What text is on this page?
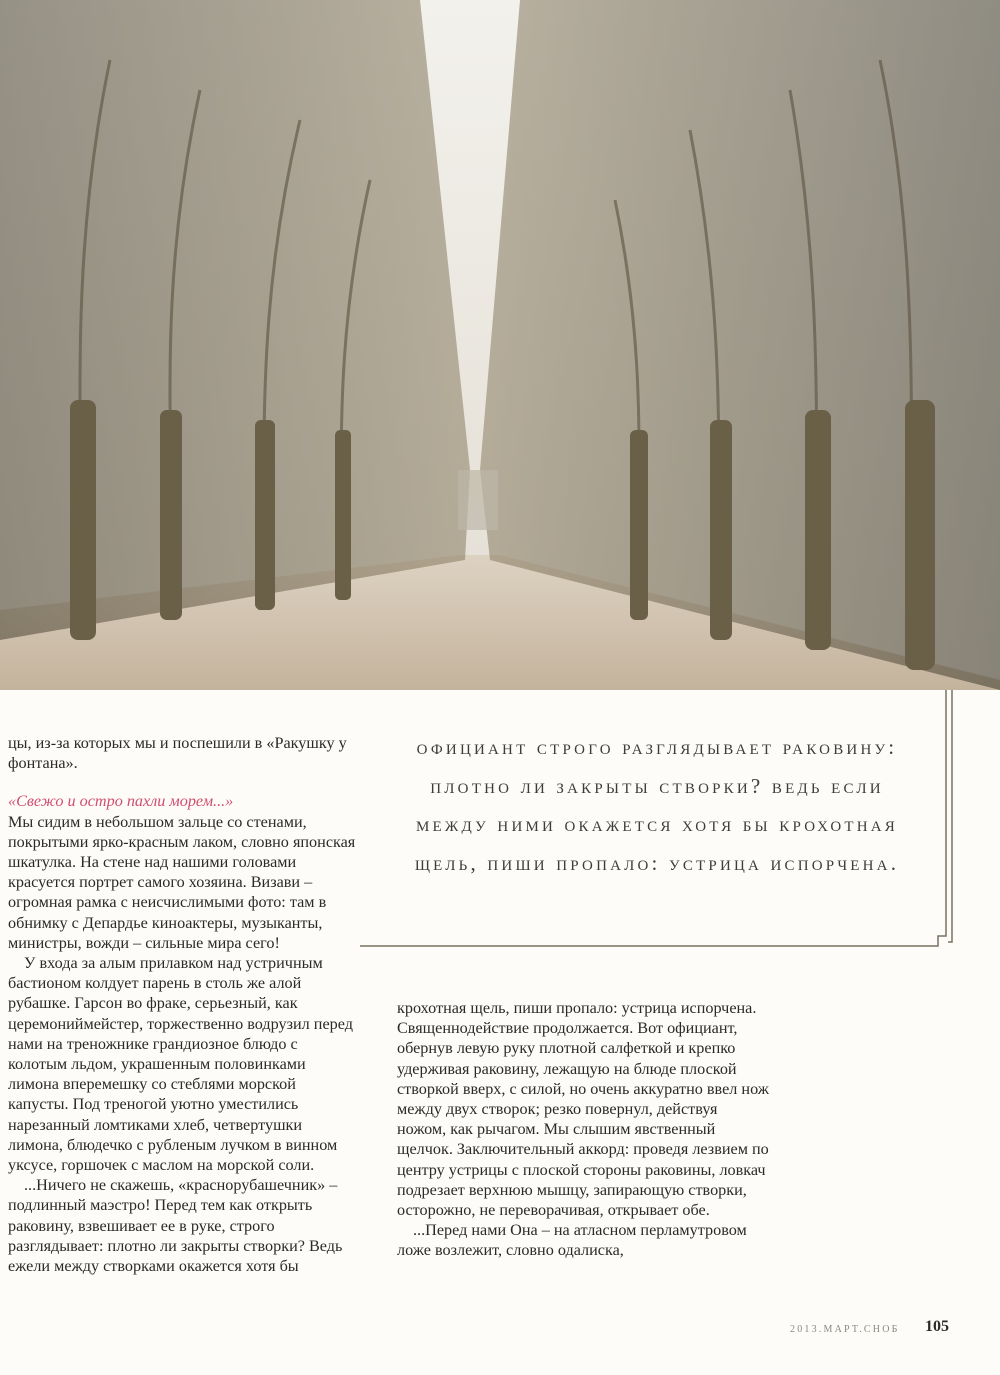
цы, из-за которых мы и поспешили в «Ракушку у фонтана».

«Свежо и остро пахли морем...»

Мы сидим в небольшом зальце со стенами, покрытыми ярко-красным лаком, словно японская шкатулка. На стене над нашими головами красуется портрет самого хозяина. Визави – огромная рамка с неисчислимыми фото: там в обнимку с Депардье киноактеры, музыканты, министры, вожди – сильные мира сего!

У входа за алым прилавком над устричным бастионом колдует парень в столь же алой рубашке. Гарсон во фраке, серьезный, как церемониймейстер, торжественно водрузил перед нами на треножнике грандиозное блюдо с колотым льдом, украшенным половинками лимона вперемешку со стеблями морской капусты. Под треногой уютно уместились нарезанный ломтиками хлеб, четвертушки лимона, блюдечко с рубленым лучком в винном уксусе, горшочек с маслом на морской соли.

...Ничего не скажешь, «краснорубашечник» – подлинный маэстро! Перед тем как открыть раковину, взвешивает ее в руке, строго разглядывает: плотно ли закрыты створки? Ведь ежели между створками окажется хотя бы

официант строго разглядывает раковину: плотно ли закрыты створки? ведь если между ними окажется хотя бы крохотная щель, пиши пропало: устрица испорчена.

крохотная щель, пиши пропало: устрица испорчена. Священнодействие продолжается. Вот официант, обернув левую руку плотной салфеткой и крепко удерживая раковину, лежащую на блюде плоской створкой вверх, с силой, но очень аккуратно ввел нож между двух створок; резко повернул, действуя ножом, как рычагом. Мы слышим явственный щелчок. Заключительный аккорд: проведя лезвием по центру устрицы с плоской стороны раковины, ловкач подрезает верхнюю мышцу, запирающую створки, осторожно, не переворачивая, открывает обе.

...Перед нами Она – на атласном перламутровом ложе возлежит, словно одалиска,

2013.МАРТ.СНОБ 105
